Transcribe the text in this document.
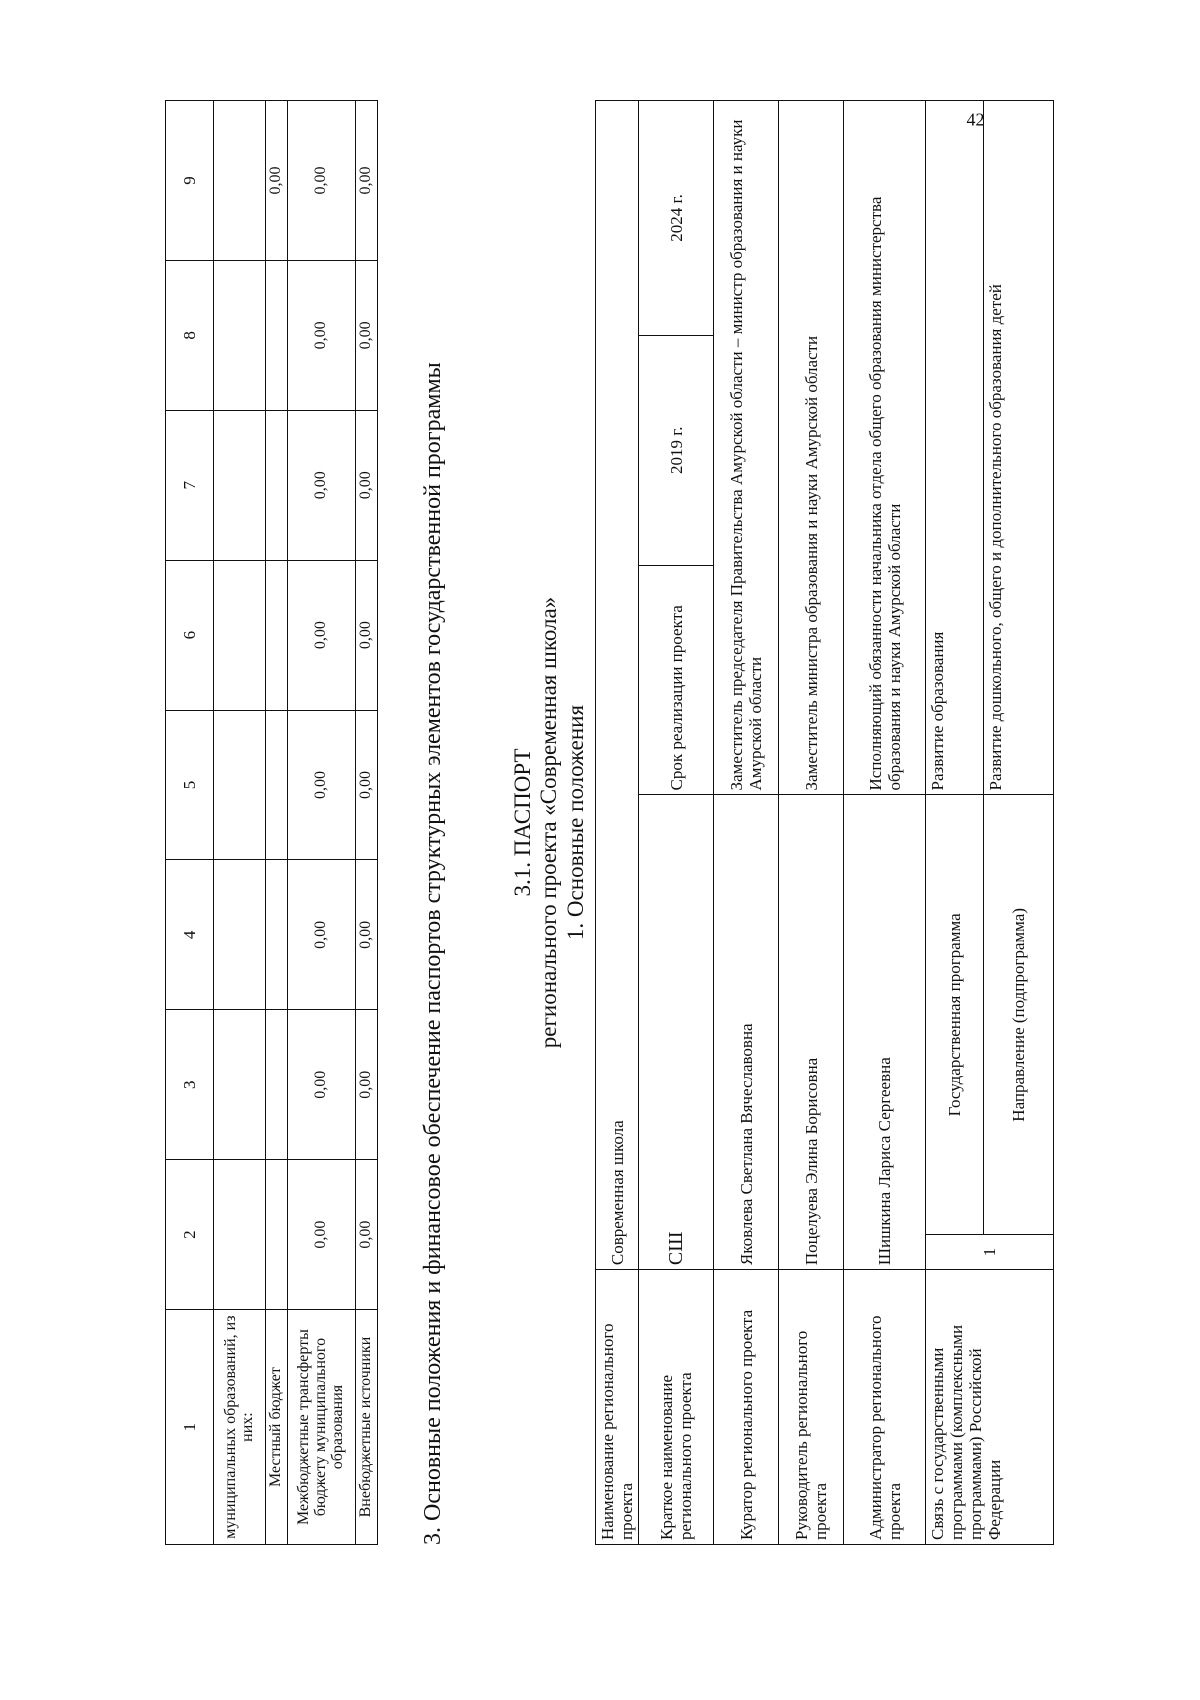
42
1	2	3	4	5	6	7	8	9
муниципальных образований, из них:								
Местный бюджет								0,00
Межбюджетные трансферты бюджету муниципального образования	0,00	0,00	0,00	0,00	0,00	0,00	0,00	0,00
Внебюджетные источники	0,00	0,00	0,00	0,00	0,00	0,00	0,00	0,00
3. Основные положения и финансовое обеспечение паспортов структурных элементов государственной программы	3.1. ПАСПОРТ регионального проекта «Современная школа» 1. Основные положения
Наименование регионального проекта	Современная школа				
Краткое наименование регионального проекта	СШ		Срок реализации проекта	2019 г.	2024 г.
Куратор регионального проекта	Яковлева Светлана Вячеславовна		Заместитель председателя Правительства Амурской области – министр образования и науки Амурской области		
Руководитель регионального проекта	Поцелуева Элина Борисовна		Заместитель министра образования и науки Амурской области		
Администратор регионального проекта	Шишкина Лариса Сергеевна		Исполняющий обязанности начальника отдела общего образования министерства образования и науки Амурской области		
Связь с государственными программами (комплексными программами) Российской Федерации	1	Государственная программа	Развитие образования		
		Направление (подпрограмма)	Развитие дошкольного, общего и дополнительного образования детей		
